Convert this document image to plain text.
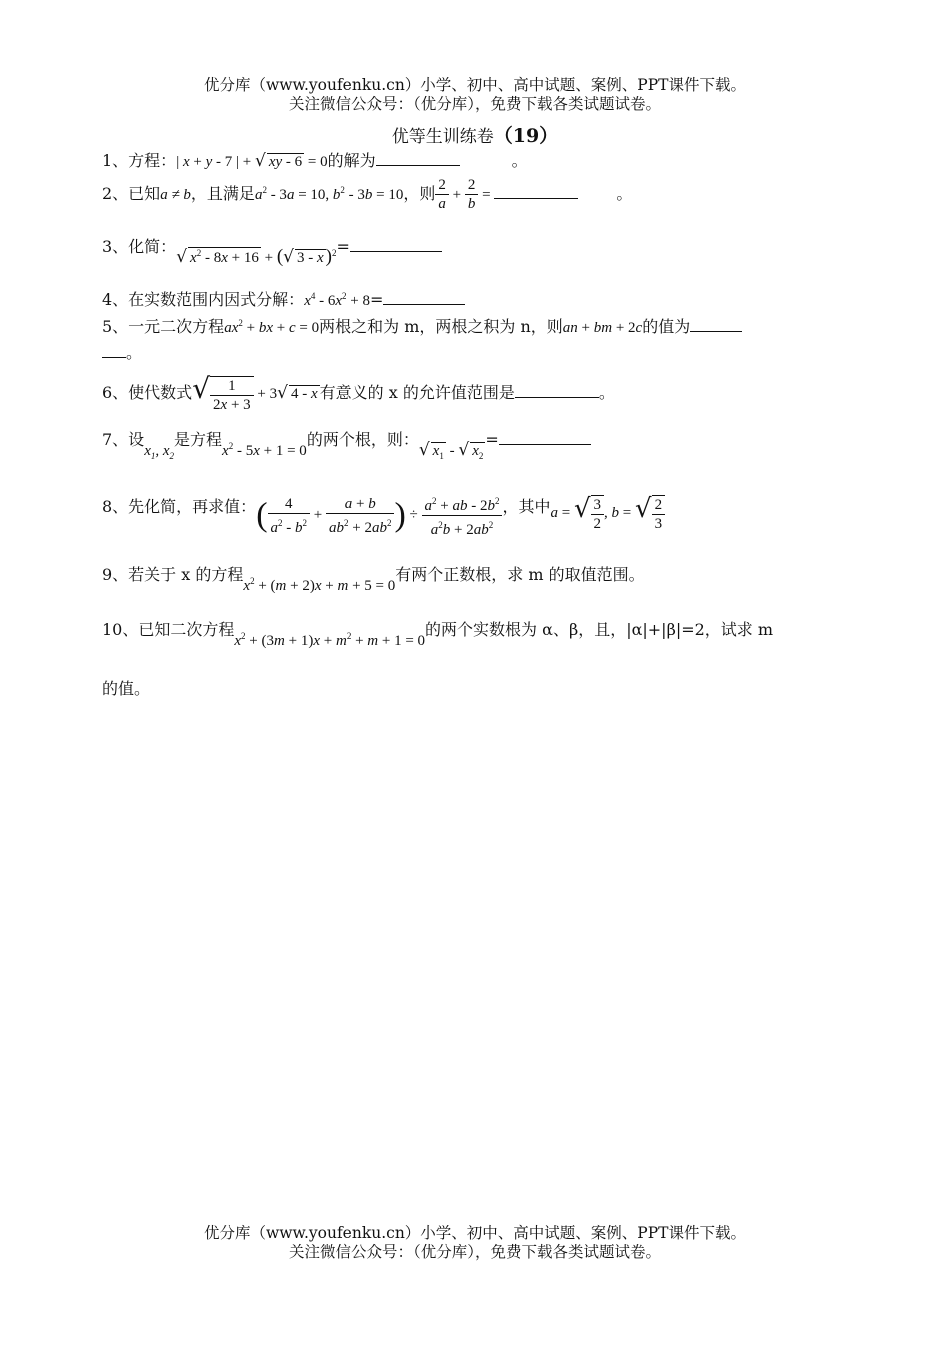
优分库（www.youfenku.cn）小学、初中、高中试题、案例、PPT课件下载。
关注微信公众号：（优分库），免费下载各类试题试卷。
优等生训练卷（19）
1、方程：| x + y - 7 | + √ xy - 6 = 0的解为	。
2、已知a ≠ b，且满足$a^2 - 3a = 10$, $b^2 - 3b = 10$，则 $\frac{2}{a} + \frac{2}{b}$ =	。
3、化简：√ $x^2 - 8x + 16$ + (√ 3 - x )$^2$=
4、在实数范围内因式分解：$x^4 - 6x^2 + 8=$
5、一元二次方程$ax^2$ + bx + c = 0两根之和为 m，两根之积为 n，则an + bm + 2c的值为
。
6、使代数式√ $\frac{1}{2x + 3} + 3√$ 4 - x 有意义的 x 的允许值范围是	。
7、设$x_1$, $x_2$是方程$x^2 - 5x + 1 = 0$的两个根，则：√ $x_1$ - √ $x_2=$
8、先化简，再求值：( $\frac{4}{a^2 - b^2} + \frac{a + b}{ab^2 + 2ab^2}$ ) ÷ $\frac{a^2 + ab - 2b^2}{a^2b + 2ab^2}$ ，其中a = √ $\frac{3}{2}$ , b = √ $\frac{2}{3}$
9、若关于 x 的方程$x^2 + (m + 2)x + m + 5 = 0$有两个正数根，求 m 的取值范围。
10、已知二次方程$x^2 + (3m + 1)x + m^2 + m + 1 = 0$的两个实数根为 α、β，且，|α|+|β|=2，试求 m
的值。
优分库（www.youfenku.cn）小学、初中、高中试题、案例、PPT课件下载。
关注微信公众号：（优分库），免费下载各类试题试卷。
